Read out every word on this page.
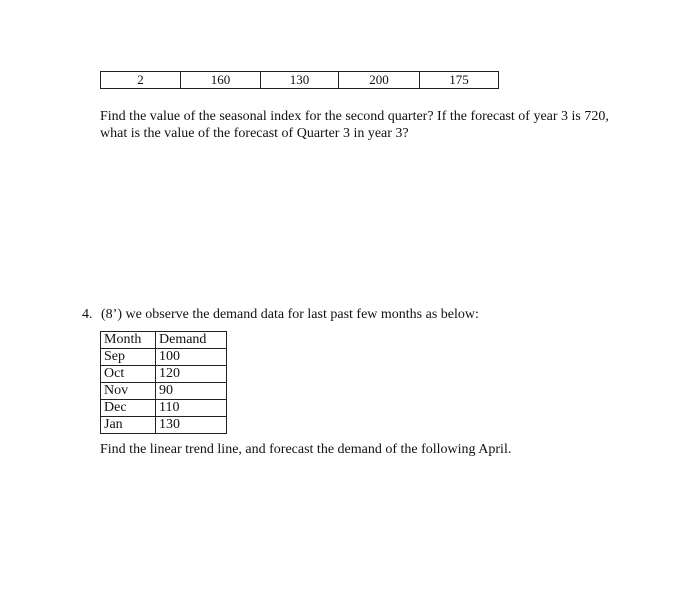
2	160	130	200	175

Find the value of the seasonal index for the second quarter? If the forecast of year 3 is 720, what is the value of the forecast of Quarter 3 in year 3?

4. (8’) we observe the demand data for last past few months as below:

Month	Demand
Sep	100
Oct	120
Nov	90
Dec	110
Jan	130

Find the linear trend line, and forecast the demand of the following April.
